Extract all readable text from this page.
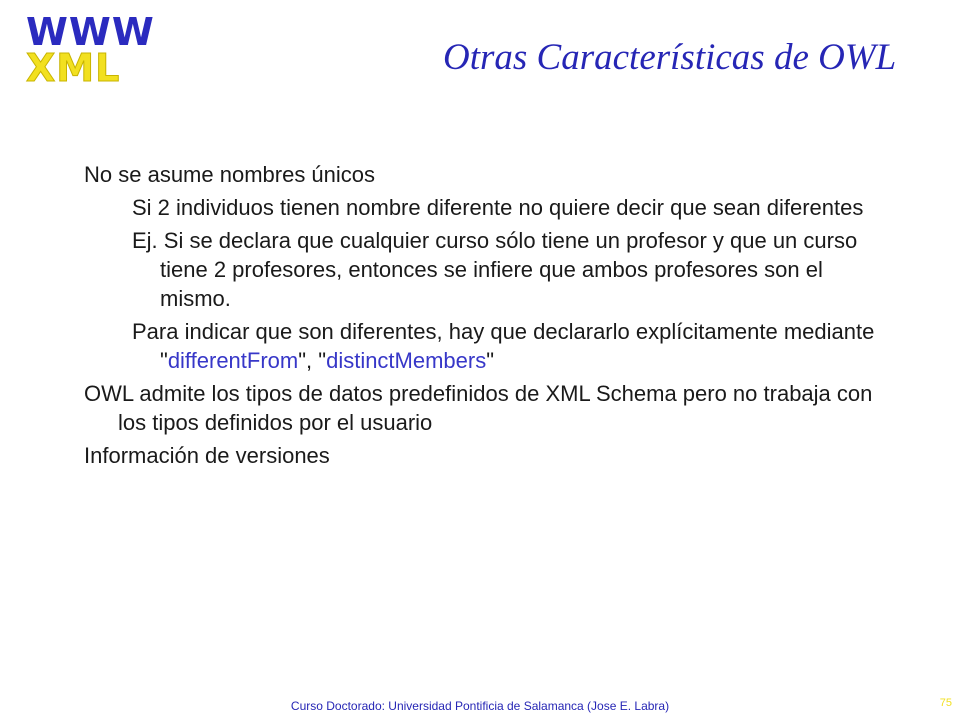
WWW
XML	Otras Características de OWL

No se asume nombres únicos

Si 2 individuos tienen nombre diferente no quiere decir que sean diferentes

Ej. Si se declara que cualquier curso sólo tiene un profesor y que un curso tiene 2 profesores, entonces se infiere que ambos profesores son el mismo.

Para indicar que son diferentes, hay que declararlo explícitamente mediante "differentFrom", "distinctMembers"

OWL admite los tipos de datos predefinidos de XML Schema pero no trabaja con los tipos definidos por el usuario

Información de versiones

Curso Doctorado: Universidad Pontificia de Salamanca (Jose E. Labra)	75
